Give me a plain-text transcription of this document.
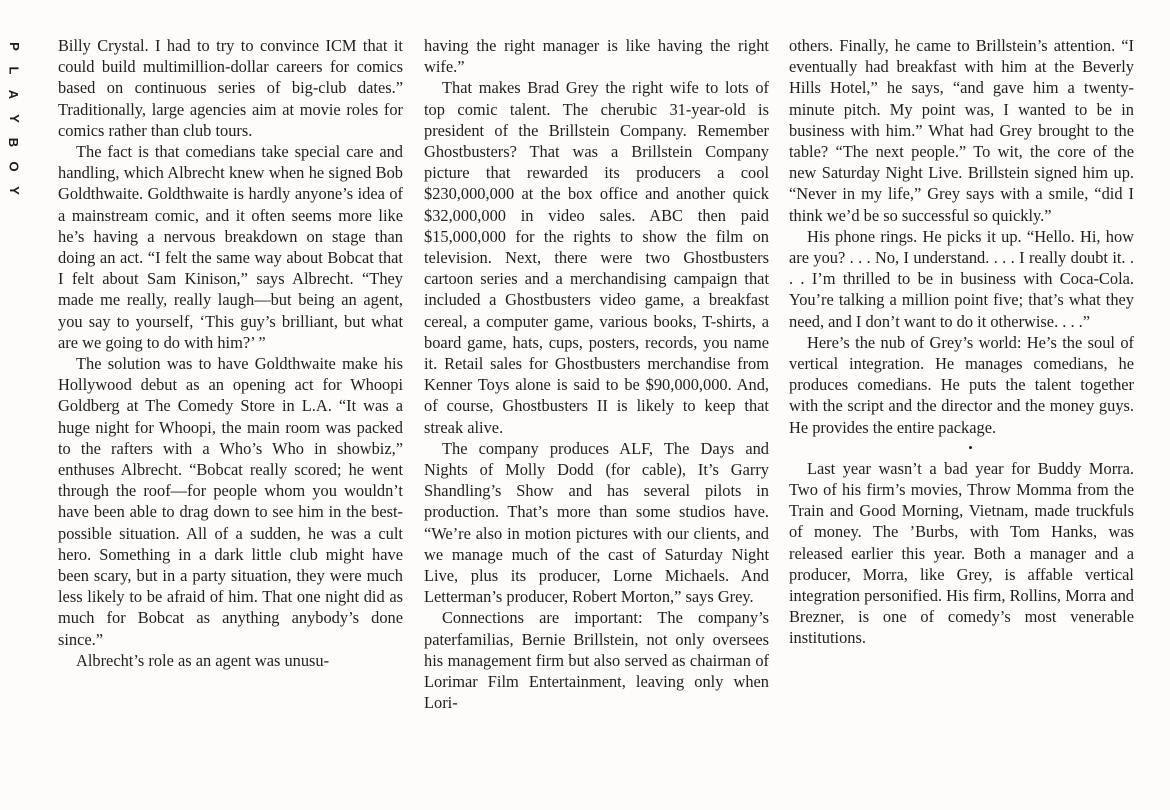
P
L
A
Y
B
O
Y

Billy Crystal. I had to try to convince ICM that it could build multimillion-dollar careers for comics based on continuous series of big-club dates.” Traditionally, large agencies aim at movie roles for comics rather than club tours.

The fact is that comedians take special care and handling, which Albrecht knew when he signed Bob Goldthwaite. Goldthwaite is hardly anyone’s idea of a mainstream comic, and it often seems more like he’s having a nervous breakdown on stage than doing an act. “I felt the same way about Bobcat that I felt about Sam Kinison,” says Albrecht. “They made me really, really laugh—but being an agent, you say to yourself, ‘This guy’s brilliant, but what are we going to do with him?’ ”

The solution was to have Goldthwaite make his Hollywood debut as an opening act for Whoopi Goldberg at The Comedy Store in L.A. “It was a huge night for Whoopi, the main room was packed to the rafters with a Who’s Who in showbiz,” enthuses Albrecht. “Bobcat really scored; he went through the roof—for people whom you wouldn’t have been able to drag down to see him in the best-possible situation. All of a sudden, he was a cult hero. Something in a dark little club might have been scary, but in a party situation, they were much less likely to be afraid of him. That one night did as much for Bobcat as anything anybody’s done since.”

Albrecht’s role as an agent was unusu-

having the right manager is like having the right wife.”

That makes Brad Grey the right wife to lots of top comic talent. The cherubic 31-year-old is president of the Brillstein Company. Remember Ghostbusters? That was a Brillstein Company picture that rewarded its producers a cool $230,000,000 at the box office and another quick $32,000,000 in video sales. ABC then paid $15,000,000 for the rights to show the film on television. Next, there were two Ghostbusters cartoon series and a merchandising campaign that included a Ghostbusters video game, a breakfast cereal, a computer game, various books, T-shirts, a board game, hats, cups, posters, records, you name it. Retail sales for Ghostbusters merchandise from Kenner Toys alone is said to be $90,000,000. And, of course, Ghostbusters II is likely to keep that streak alive.

The company produces ALF, The Days and Nights of Molly Dodd (for cable), It’s Garry Shandling’s Show and has several pilots in production. That’s more than some studios have. “We’re also in motion pictures with our clients, and we manage much of the cast of Saturday Night Live, plus its producer, Lorne Michaels. And Letterman’s producer, Robert Morton,” says Grey.

Connections are important: The company’s paterfamilias, Bernie Brillstein, not only oversees his management firm but also served as chairman of Lorimar Film Entertainment, leaving only when Lori-

others. Finally, he came to Brillstein’s attention. “I eventually had breakfast with him at the Beverly Hills Hotel,” he says, “and gave him a twenty-minute pitch. My point was, I wanted to be in business with him.” What had Grey brought to the table? “The next people.” To wit, the core of the new Saturday Night Live. Brillstein signed him up. “Never in my life,” Grey says with a smile, “did I think we’d be so successful so quickly.”

His phone rings. He picks it up. “Hello. Hi, how are you? . . . No, I understand. . . . I really doubt it. . . . I’m thrilled to be in business with Coca-Cola. You’re talking a million point five; that’s what they need, and I don’t want to do it otherwise. . . .”

Here’s the nub of Grey’s world: He’s the soul of vertical integration. He manages comedians, he produces comedians. He puts the talent together with the script and the director and the money guys. He provides the entire package.

•

Last year wasn’t a bad year for Buddy Morra. Two of his firm’s movies, Throw Momma from the Train and Good Morning, Vietnam, made truckfuls of money. The ’Burbs, with Tom Hanks, was released earlier this year. Both a manager and a producer, Morra, like Grey, is affable vertical integration personified. His firm, Rollins, Morra and Brezner, is one of comedy’s most venerable institutions.
